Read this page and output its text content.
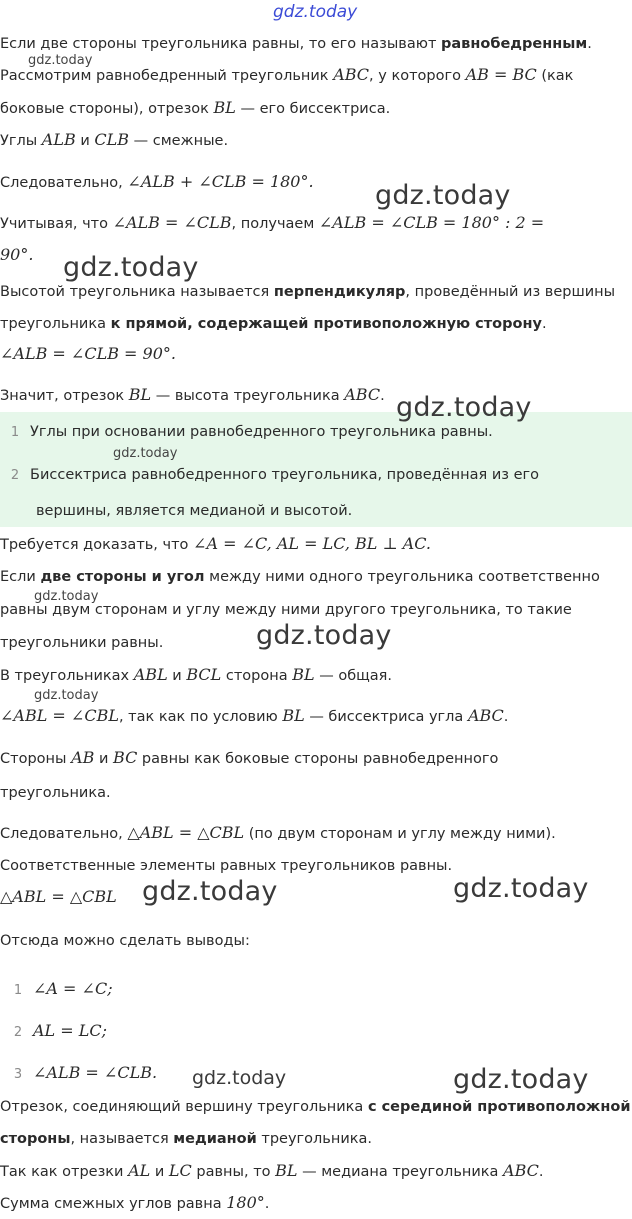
Если две стороны треугольника равны, то его называют равнобедренным.
Рассмотрим равнобедренный треугольник ABC, у которого AB = BC (как
боковые стороны), отрезок BL — его биссектриса.
Углы ALB и CLB — смежные.
Следовательно, ∠ALB + ∠CLB = 180°.
Учитывая, что ∠ALB = ∠CLB, получаем ∠ALB = ∠CLB = 180° : 2 =
90°.
Высотой треугольника называется перпендикуляр, проведённый из вершины
треугольника к прямой, содержащей противоположную сторону.
∠ALB = ∠CLB = 90°.
Значит, отрезок BL — высота треугольника ABC.
1 Углы при основании равнобедренного треугольника равны.
2 Биссектриса равнобедренного треугольника, проведённая из его
вершины, является медианой и высотой.
Требуется доказать, что ∠A = ∠C, AL = LC, BL ⊥ AC.
Если две стороны и угол между ними одного треугольника соответственно
равны двум сторонам и углу между ними другого треугольника, то такие
треугольники равны.
В треугольниках ABL и BCL сторона BL — общая.
∠ABL = ∠CBL, так как по условию BL — биссектриса угла ABC.
Стороны AB и BC равны как боковые стороны равнобедренного
треугольника.
Следовательно, △ABL = △CBL (по двум сторонам и углу между ними).
Соответственные элементы равных треугольников равны.
△ABL = △CBL
Отсюда можно сделать выводы:
1 ∠A = ∠C;
2 AL = LC;
3 ∠ALB = ∠CLB.
Отрезок, соединяющий вершину треугольника с серединой противоположной
стороны, называется медианой треугольника.
Так как отрезки AL и LC равны, то BL — медиана треугольника ABC.
Сумма смежных углов равна 180°.
gdz.today
gdz.today
gdz.today
gdz.today
gdz.today
gdz.today
gdz.today
gdz.today
gdz.today
gdz.today	gdz.today
gdz.today	gdz.today
